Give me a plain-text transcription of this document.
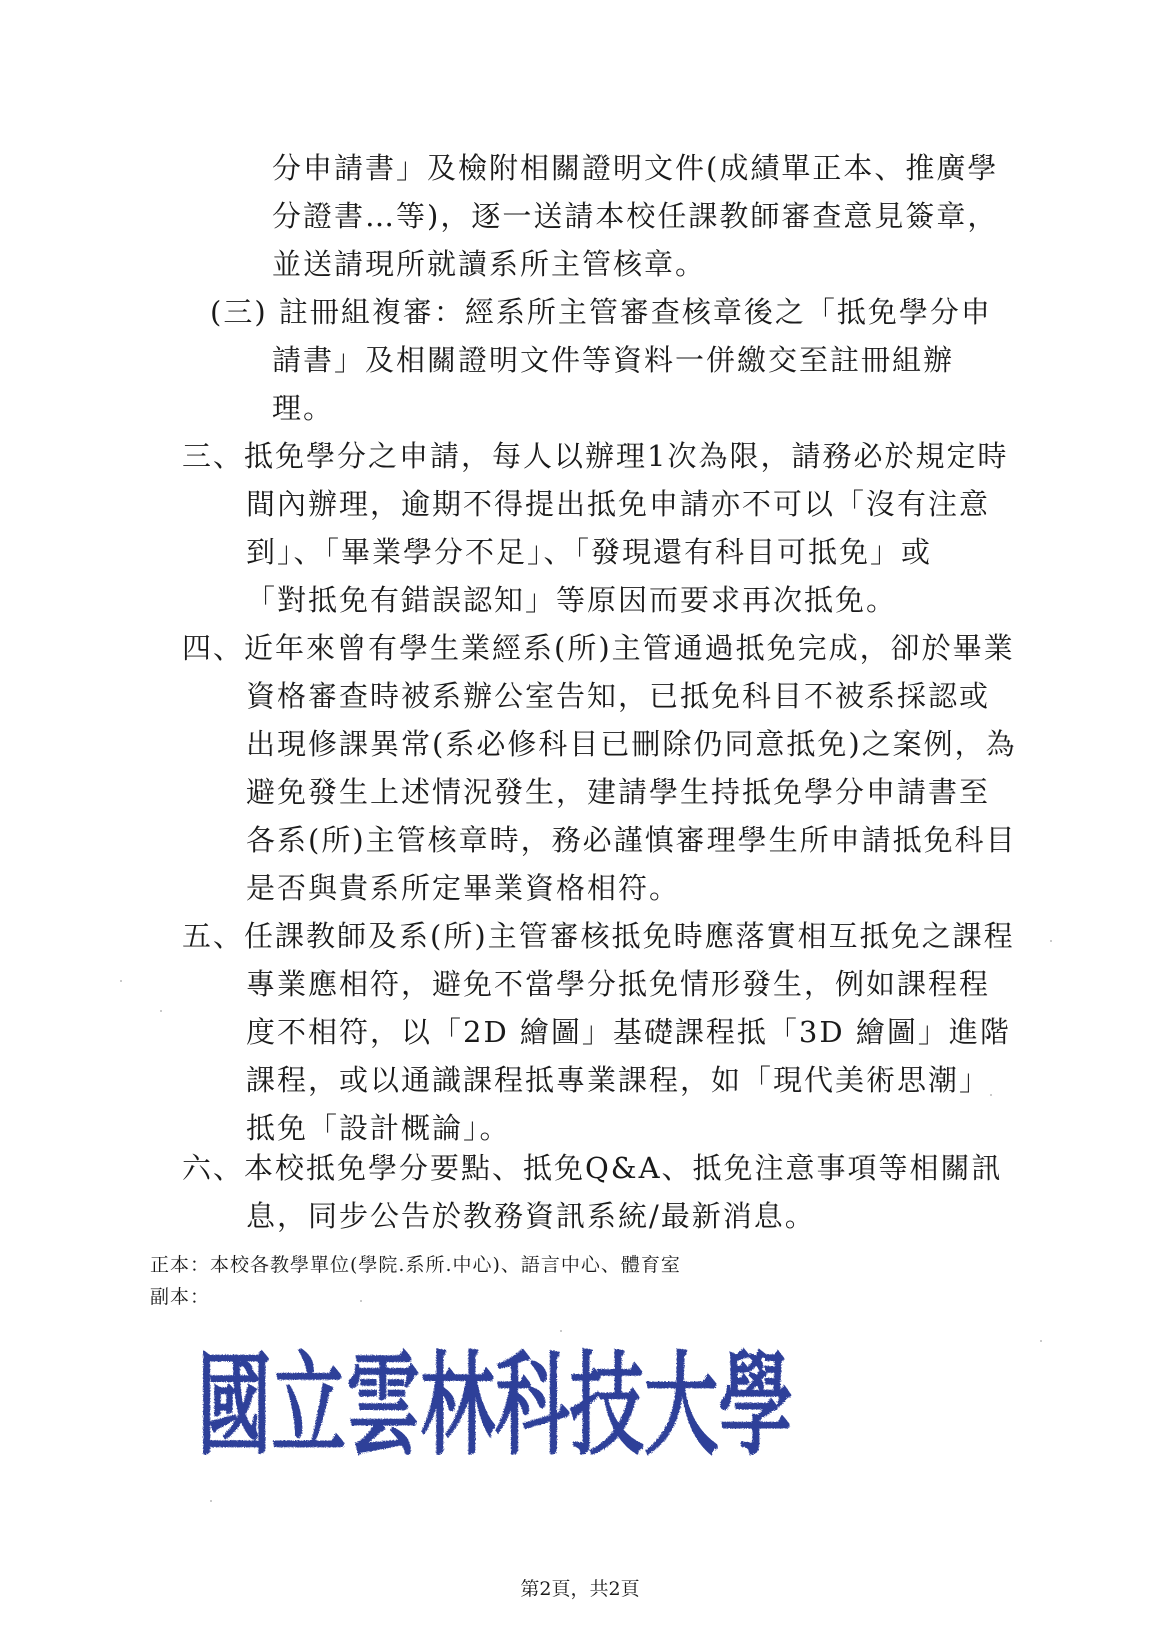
分申請書」及檢附相關證明文件(成績單正本、推廣學
分證書…等)，逐一送請本校任課教師審查意見簽章，
並送請現所就讀系所主管核章。
(三) 註冊組複審：經系所主管審查核章後之「抵免學分申
請書」及相關證明文件等資料一併繳交至註冊組辦
理。
三、抵免學分之申請，每人以辦理1次為限，請務必於規定時
間內辦理，逾期不得提出抵免申請亦不可以「沒有注意
到」、「畢業學分不足」、「發現還有科目可抵免」或
「對抵免有錯誤認知」等原因而要求再次抵免。
四、近年來曾有學生業經系(所)主管通過抵免完成，卻於畢業
資格審查時被系辦公室告知，已抵免科目不被系採認或
出現修課異常(系必修科目已刪除仍同意抵免)之案例，為
避免發生上述情況發生，建請學生持抵免學分申請書至
各系(所)主管核章時，務必謹慎審理學生所申請抵免科目
是否與貴系所定畢業資格相符。
五、任課教師及系(所)主管審核抵免時應落實相互抵免之課程
專業應相符，避免不當學分抵免情形發生，例如課程程
度不相符，以「2D 繪圖」基礎課程抵「3D 繪圖」進階
課程，或以通識課程抵專業課程，如「現代美術思潮」
抵免「設計概論」。
六、本校抵免學分要點、抵免Q&A、抵免注意事項等相關訊
息，同步公告於教務資訊系統/最新消息。
正本：本校各教學單位(學院.系所.中心)、語言中心、體育室
副本：
國立雲林科技大學
第2頁，共2頁
